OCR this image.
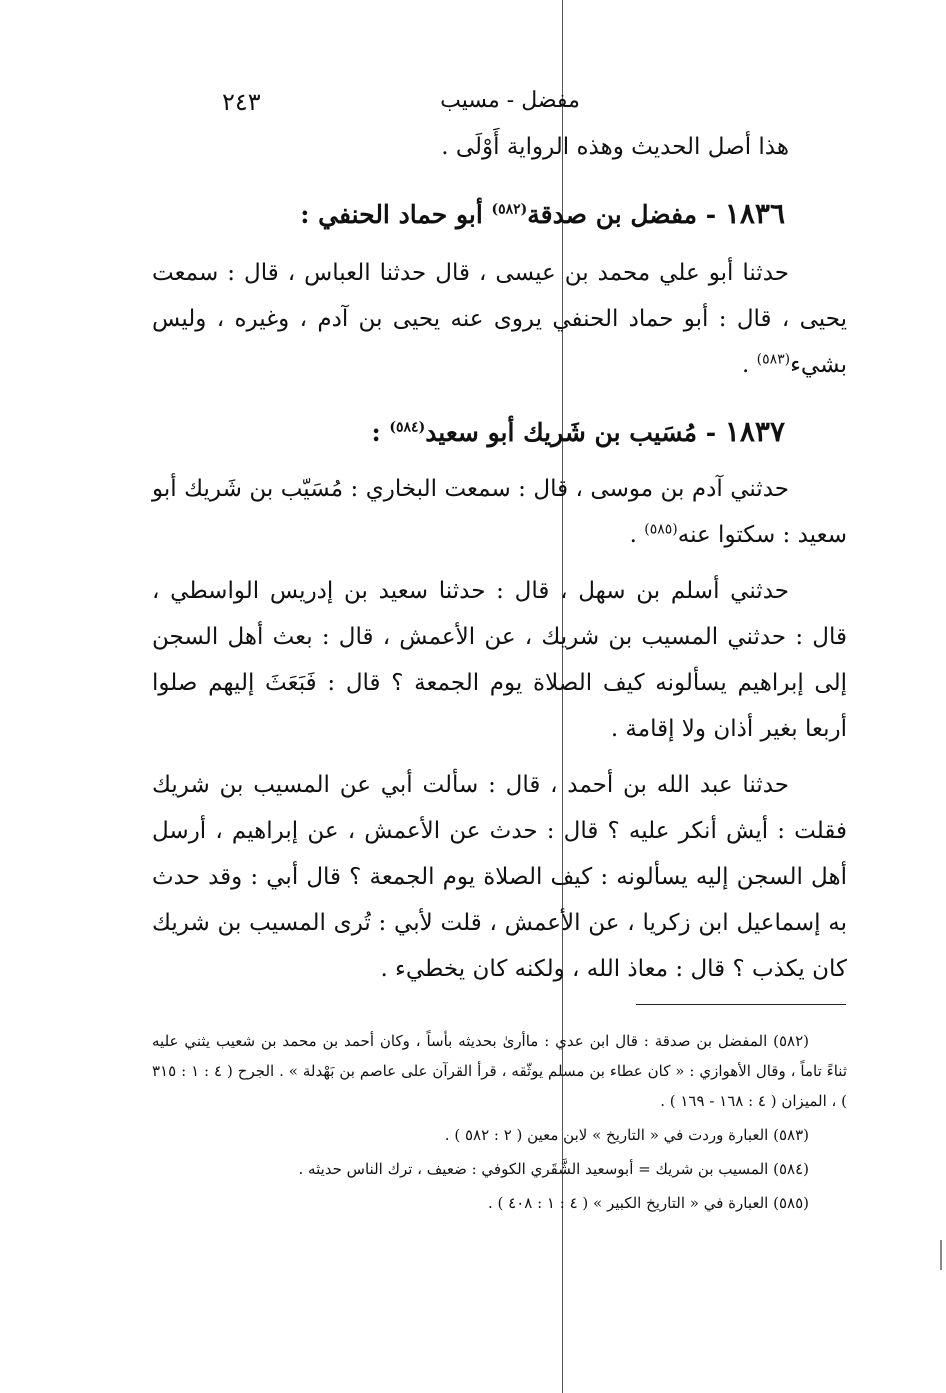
٢٤٣	مفضل - مسيب
هذا أصل الحديث وهذه الرواية أَوْلَى .
١٨٣٦ - مفضل بن صدقة$^{(٥٨٢)}$ أبو حماد الحنفي :
حدثنا أبو علي محمد بن عيسى ، قال حدثنا العباس ، قال : سمعت يحيى ، قال : أبو حماد الحنفي يروى عنه يحيى بن آدم ، وغيره ، وليس بشيء$^{(٥٨٣)}$ .
١٨٣٧ - مُسَيب بن شَريك أبو سعيد$^{(٥٨٤)}$ :
حدثني آدم بن موسى ، قال : سمعت البخاري : مُسَيّب بن شَريك أبو سعيد : سكتوا عنه$^{(٥٨٥)}$ .
حدثني أسلم بن سهل ، قال : حدثنا سعيد بن إدريس الواسطي ، قال : حدثني المسيب بن شريك ، عن الأعمش ، قال : بعث أهل السجن إلى إبراهيم يسألونه كيف الصلاة يوم الجمعة ؟ قال : فَبَعَثَ إليهم صلوا أربعا بغير أذان ولا إقامة .
حدثنا عبد الله بن أحمد ، قال : سألت أبي عن المسيب بن شريك فقلت : أيش أنكر عليه ؟ قال : حدث عن الأعمش ، عن إبراهيم ، أرسل أهل السجن إليه يسألونه : كيف الصلاة يوم الجمعة ؟ قال أبي : وقد حدث به إسماعيل ابن زكريا ، عن الأعمش ، قلت لأبي : تُرى المسيب بن شريك كان يكذب ؟ قال : معاذ الله ، ولكنه كان يخطيء .
(٥٨٢) المفضل بن صدقة : قال ابن عدي : ماأرىٰ بحديثه بأساً ، وكان أحمد بن محمد بن شعيب يثني عليه ثناءً تاماً ، وقال الأهوازي : « كان عطاء بن مسلم يوثّقه ، قرأ القرآن على عاصم بن بَهْدلة » . الجرح ( ٤ : ١ : ٣١٥ ) ، الميزان ( ٤ : ١٦٨ - ١٦٩ ) .
(٥٨٣) العبارة وردت في « التاريخ » لابن معين ( ٢ : ٥٨٢ ) .
(٥٨٤) المسيب بن شريك = أبوسعيد الشَّقَري الكوفي : ضعيف ، ترك الناس حديثه .
(٥٨٥) العبارة في « التاريخ الكبير » ( ٤ : ١ : ٤٠٨ ) .
